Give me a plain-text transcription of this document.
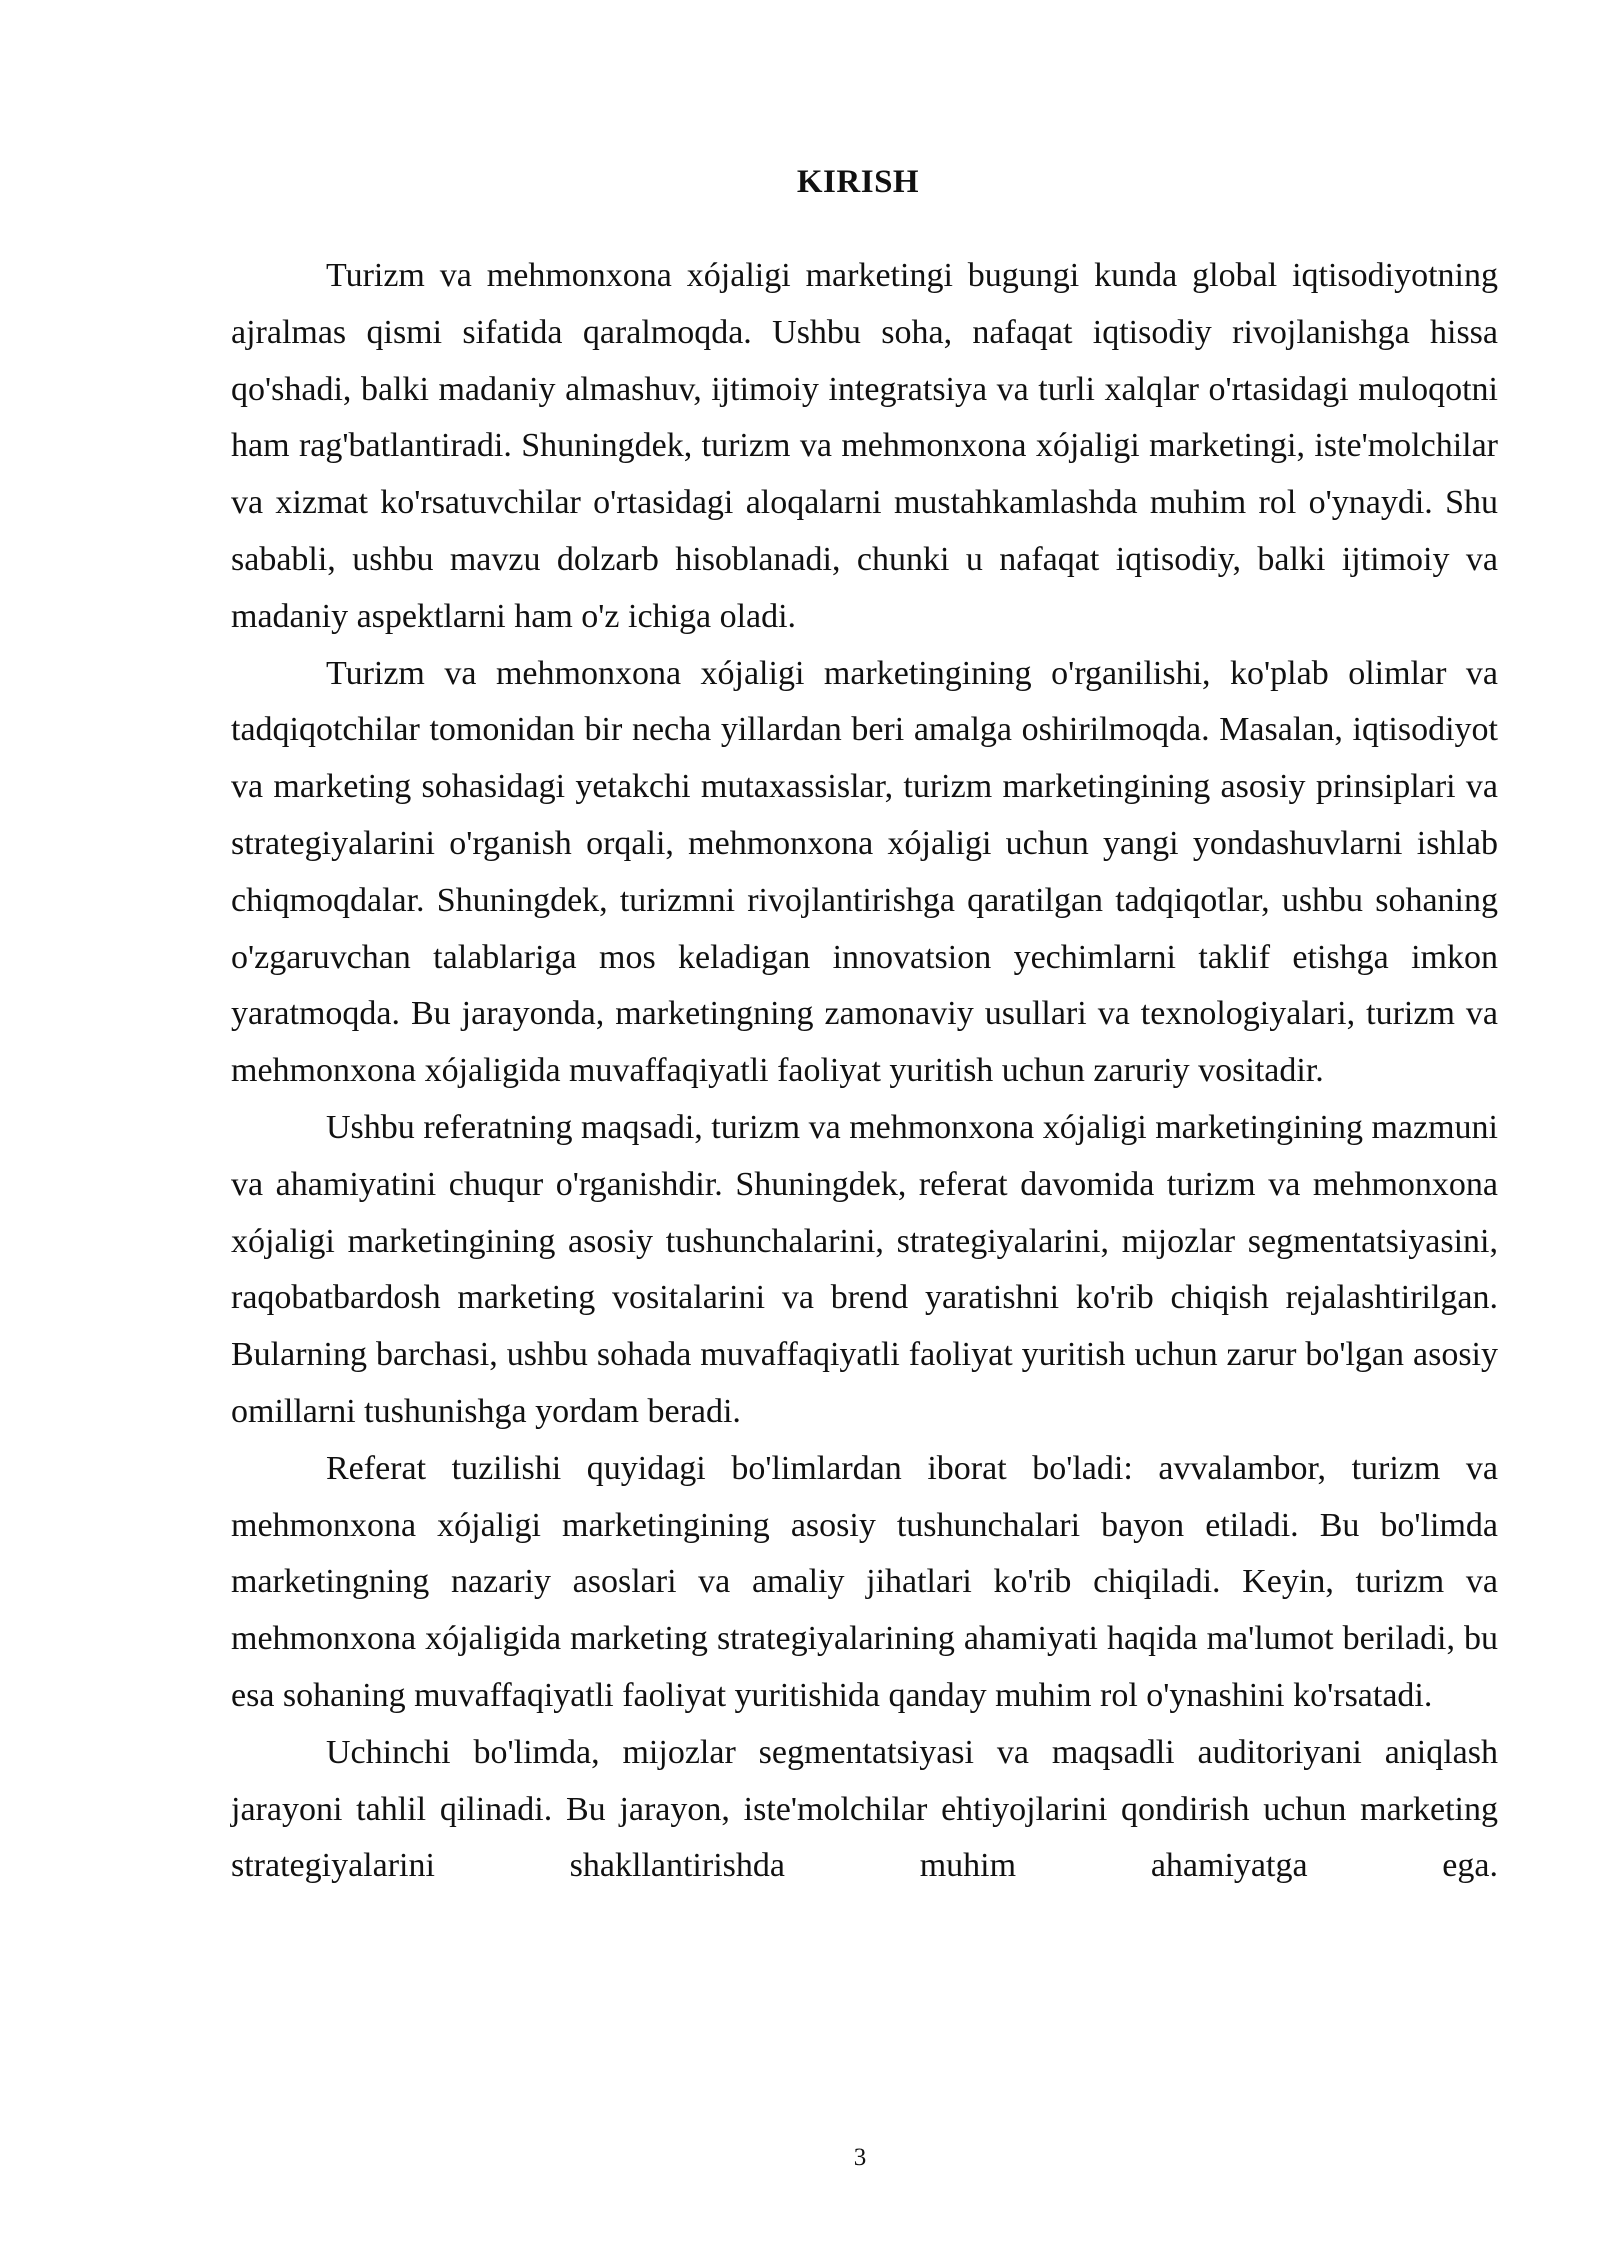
KIRISH

Turizm va mehmonxona xójaligi marketingi bugungi kunda global iqtisodiyotning ajralmas qismi sifatida qaralmoqda. Ushbu soha, nafaqat iqtisodiy rivojlanishga hissa qo'shadi, balki madaniy almashuv, ijtimoiy integratsiya va turli xalqlar o'rtasidagi muloqotni ham rag'batlantiradi. Shuningdek, turizm va mehmonxona xójaligi marketingi, iste'molchilar va xizmat ko'rsatuvchilar o'rtasidagi aloqalarni mustahkamlashda muhim rol o'ynaydi. Shu sababli, ushbu mavzu dolzarb hisoblanadi, chunki u nafaqat iqtisodiy, balki ijtimoiy va madaniy aspektlarni ham o'z ichiga oladi.

Turizm va mehmonxona xójaligi marketingining o'rganilishi, ko'plab olimlar va tadqiqotchilar tomonidan bir necha yillardan beri amalga oshirilmoqda. Masalan, iqtisodiyot va marketing sohasidagi yetakchi mutaxassislar, turizm marketingining asosiy prinsiplari va strategiyalarini o'rganish orqali, mehmonxona xójaligi uchun yangi yondashuvlarni ishlab chiqmoqdalar. Shuningdek, turizmni rivojlantirishga qaratilgan tadqiqotlar, ushbu sohaning o'zgaruvchan talablariga mos keladigan innovatsion yechimlarni taklif etishga imkon yaratmoqda. Bu jarayonda, marketingning zamonaviy usullari va texnologiyalari, turizm va mehmonxona xójaligida muvaffaqiyatli faoliyat yuritish uchun zaruriy vositadir.

Ushbu referatning maqsadi, turizm va mehmonxona xójaligi marketingining mazmuni va ahamiyatini chuqur o'rganishdir. Shuningdek, referat davomida turizm va mehmonxona xójaligi marketingining asosiy tushunchalarini, strategiyalarini, mijozlar segmentatsiyasini, raqobatbardosh marketing vositalarini va brend yaratishni ko'rib chiqish rejalashtirilgan. Bularning barchasi, ushbu sohada muvaffaqiyatli faoliyat yuritish uchun zarur bo'lgan asosiy omillarni tushunishga yordam beradi.

Referat tuzilishi quyidagi bo'limlardan iborat bo'ladi: avvalambor, turizm va mehmonxona xójaligi marketingining asosiy tushunchalari bayon etiladi. Bu bo'limda marketingning nazariy asoslari va amaliy jihatlari ko'rib chiqiladi. Keyin, turizm va mehmonxona xójaligida marketing strategiyalarining ahamiyati haqida ma'lumot beriladi, bu esa sohaning muvaffaqiyatli faoliyat yuritishida qanday muhim rol o'ynashini ko'rsatadi.

Uchinchi bo'limda, mijozlar segmentatsiyasi va maqsadli auditoriyani aniqlash jarayoni tahlil qilinadi. Bu jarayon, iste'molchilar ehtiyojlarini qondirish uchun marketing strategiyalarini shakllantirishda muhim ahamiyatga ega.

3
